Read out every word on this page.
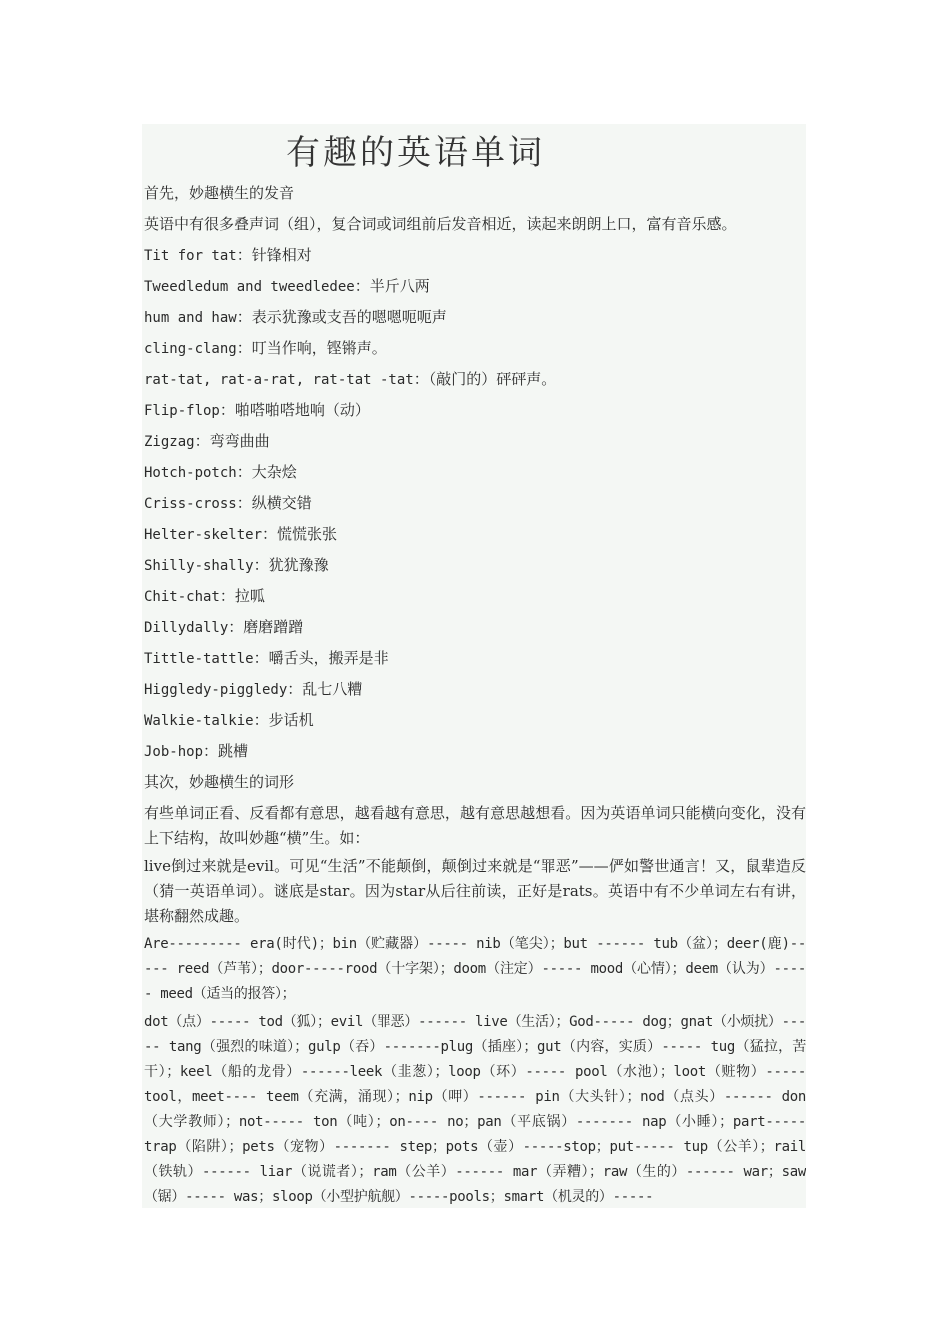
有趣的英语单词
首先，妙趣横生的发音
英语中有很多叠声词（组），复合词或词组前后发音相近，读起来朗朗上口，富有音乐感。
Tit for tat：针锋相对
Tweedledum and tweedledee：半斤八两
hum and haw：表示犹豫或支吾的嗯嗯呃呃声
cling-clang：叮当作响，铿锵声。
rat-tat, rat-a-rat, rat-tat -tat：（敲门的）砰砰声。
Flip-flop：啪嗒啪嗒地响（动）
Zigzag：弯弯曲曲
Hotch-potch：大杂烩
Criss-cross：纵横交错
Helter-skelter：慌慌张张
Shilly-shally：犹犹豫豫
Chit-chat：拉呱
Dillydally：磨磨蹭蹭
Tittle-tattle：嚼舌头，搬弄是非
Higgledy-piggledy：乱七八糟
Walkie-talkie：步话机
Job-hop：跳槽
其次，妙趣横生的词形

有些单词正看、反看都有意思，越看越有意思，越有意思越想看。因为英语单词只能横向变化，没有上下结构，故叫妙趣“横”生。如：

live倒过来就是evil。可见“生活”不能颠倒，颠倒过来就是“罪恶”——俨如警世通言！又，鼠辈造反（猜一英语单词）。谜底是star。因为star从后往前读，正好是rats。英语中有不少单词左右有讲，堪称翻然成趣。

Are--------- era(时代)；bin（贮藏器）----- nib（笔尖）；but ------ tub（盆）；deer(鹿)----- reed（芦苇）；door-----rood（十字架）；doom（注定）----- mood（心情）；deem（认为）----- meed（适当的报答）；

dot（点）----- tod（狐）；evil（罪恶）------ live（生活）；God----- dog；gnat（小烦扰）----- tang（强烈的味道）；gulp（吞）-------plug（插座）；gut（内容，实质）----- tug（猛拉，苦干）；keel（船的龙骨）------leek（韭葱）；loop（环）----- pool（水池）；loot（赃物）----- tool，meet---- teem（充满，涌现）；nip（呷）------ pin（大头针）；nod（点头）------ don（大学教师）；not----- ton（吨）；on---- no；pan（平底锅）------- nap（小睡）；part----- trap（陷阱）；pets（宠物）------- step；pots（壶）-----stop；put----- tup（公羊）；rail（铁轨）------ liar（说谎者）；ram（公羊）------ mar（弄糟）；raw（生的）------ war；saw（锯）----- was；sloop（小型护航舰）-----pools；smart（机灵的）-----
